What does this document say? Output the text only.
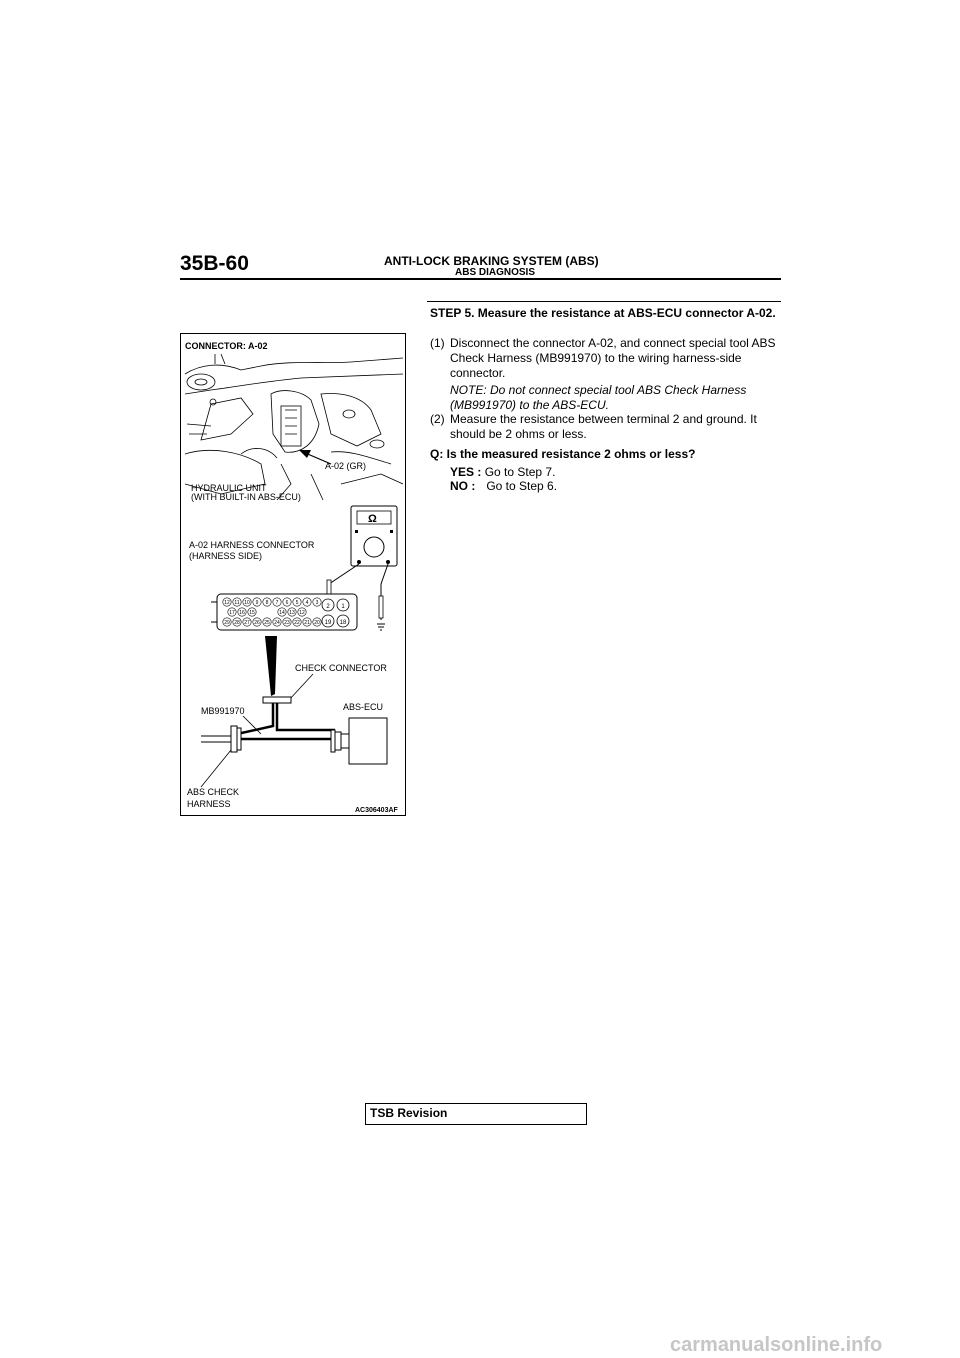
35B-60	ANTI-LOCK BRAKING SYSTEM (ABS)
ABS DIAGNOSIS
A-02 (GR)
CONNECTOR: A-02
HYDRAULIC UNIT
(WITH BUILT-IN ABS-ECU)
Ω
A-02 HARNESS CONNECTOR
(HARNESS SIDE)
12 11 10 9 8 7 6 5 4 3
17 16 15	14 13 12
29 28 27 26 25 24 23 22 21 20
2 1
19 18
CHECK CONNECTOR
MB991970	ABS-ECU
ABS CHECK
HARNESS
AC306403AF
STEP 5. Measure the resistance at ABS-ECU connector A-02.
(1) Disconnect the connector A-02, and connect special tool ABS Check Harness (MB991970) to the wiring harness-side connector.
NOTE: Do not connect special tool ABS Check Harness (MB991970) to the ABS-ECU.
(2) Measure the resistance between terminal 2 and ground. It should be 2 ohms or less.
Q: Is the measured resistance 2 ohms or less?
YES : Go to Step 7.
NO : Go to Step 6.
TSB Revision
carmanualsonline.info
